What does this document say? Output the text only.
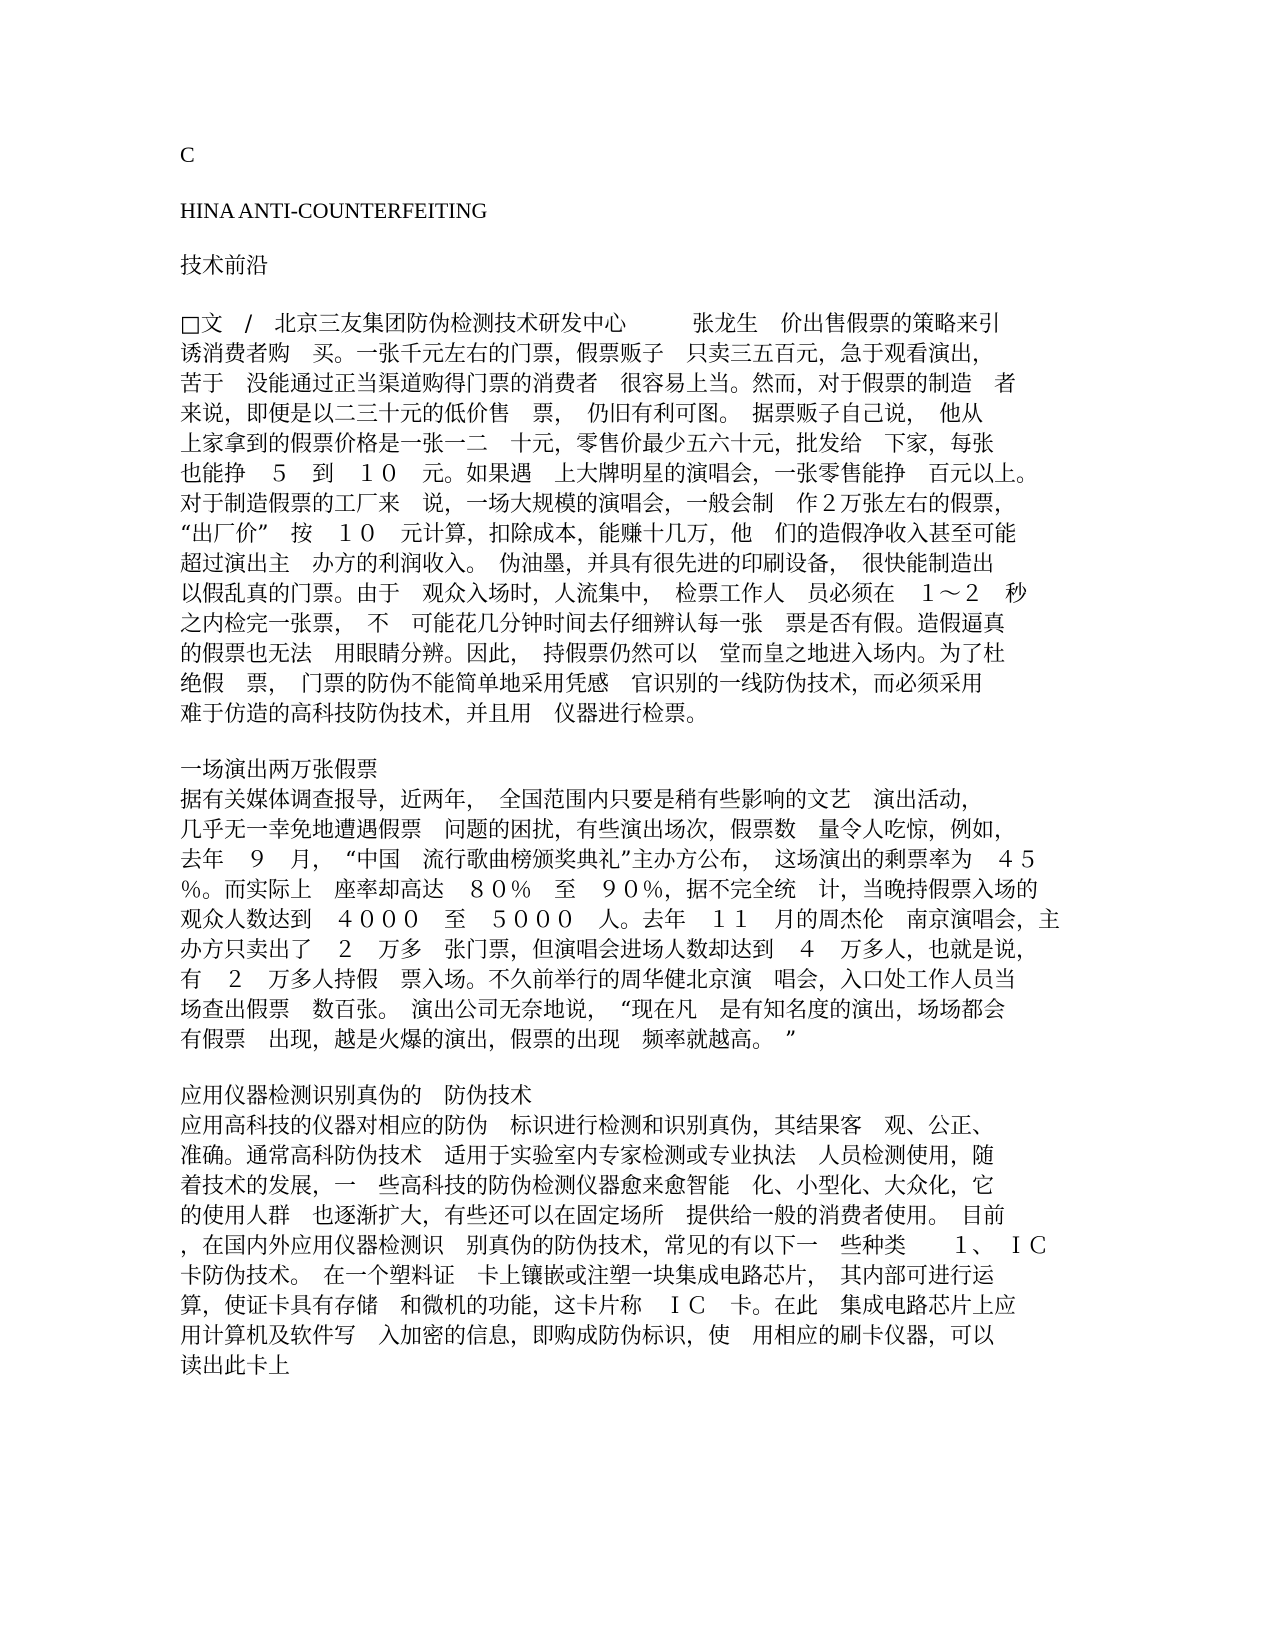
C
HINA ANTI-COUNTERFEITING
技术前沿
□文　/　北京三友集团防伪检测技术研发中心　　　张龙生　价出售假票的策略来引
诱消费者购　买。一张千元左右的门票，假票贩子　只卖三五百元，急于观看演出，
苦于　没能通过正当渠道购得门票的消费者　很容易上当。然而，对于假票的制造　者
来说，即便是以二三十元的低价售　票，　仍旧有利可图。　据票贩子自己说，　他从
上家拿到的假票价格是一张一二　十元，零售价最少五六十元，批发给　下家，每张
也能挣　５　到　１０　元。如果遇　上大牌明星的演唱会，一张零售能挣　百元以上。
对于制造假票的工厂来　说，一场大规模的演唱会，一般会制　作２万张左右的假票，
“出厂价”　按　１０　元计算，扣除成本，能赚十几万，他　们的造假净收入甚至可能
超过演出主　办方的利润收入。　伪油墨，并具有很先进的印刷设备，　很快能制造出
以假乱真的门票。由于　观众入场时，人流集中，　检票工作人　员必须在　１～２　秒
之内检完一张票，　不　可能花几分钟时间去仔细辨认每一张　票是否有假。造假逼真
的假票也无法　用眼睛分辨。因此，　持假票仍然可以　堂而皇之地进入场内。为了杜
绝假　票，　门票的防伪不能简单地采用凭感　官识别的一线防伪技术，而必须采用
难于仿造的高科技防伪技术，并且用　仪器进行检票。
一场演出两万张假票
据有关媒体调查报导，近两年，　全国范围内只要是稍有些影响的文艺　演出活动，
几乎无一幸免地遭遇假票　问题的困扰，有些演出场次，假票数　量令人吃惊，例如，
去年　９　月，　“中国　流行歌曲榜颁奖典礼”主办方公布，　这场演出的剩票率为　４５
％。而实际上　座率却高达　８０％　至　９０％，据不完全统　计，当晚持假票入场的
观众人数达到　４０００　至　５０００　人。去年　１１　月的周杰伦　南京演唱会，主
办方只卖出了　２　万多　张门票，但演唱会进场人数却达到　４　万多人，也就是说，
有　２　万多人持假　票入场。不久前举行的周华健北京演　唱会，入口处工作人员当
场查出假票　数百张。　演出公司无奈地说，　“现在凡　是有知名度的演出，场场都会
有假票　出现，越是火爆的演出，假票的出现　频率就越高。　”
应用仪器检测识别真伪的　防伪技术
应用高科技的仪器对相应的防伪　标识进行检测和识别真伪，其结果客　观、公正、
准确。通常高科防伪技术　适用于实验室内专家检测或专业执法　人员检测使用，随
着技术的发展，一　些高科技的防伪检测仪器愈来愈智能　化、小型化、大众化，它
的使用人群　也逐渐扩大，有些还可以在固定场所　提供给一般的消费者使用。　目前
，在国内外应用仪器检测识　别真伪的防伪技术，常见的有以下一　些种类　　１、　ＩＣ
卡防伪技术。　在一个塑料证　卡上镶嵌或注塑一块集成电路芯片，　其内部可进行运
算，使证卡具有存储　和微机的功能，这卡片称　ＩＣ　卡。在此　集成电路芯片上应
用计算机及软件写　入加密的信息，即购成防伪标识，使　用相应的刷卡仪器，可以
读出此卡上
